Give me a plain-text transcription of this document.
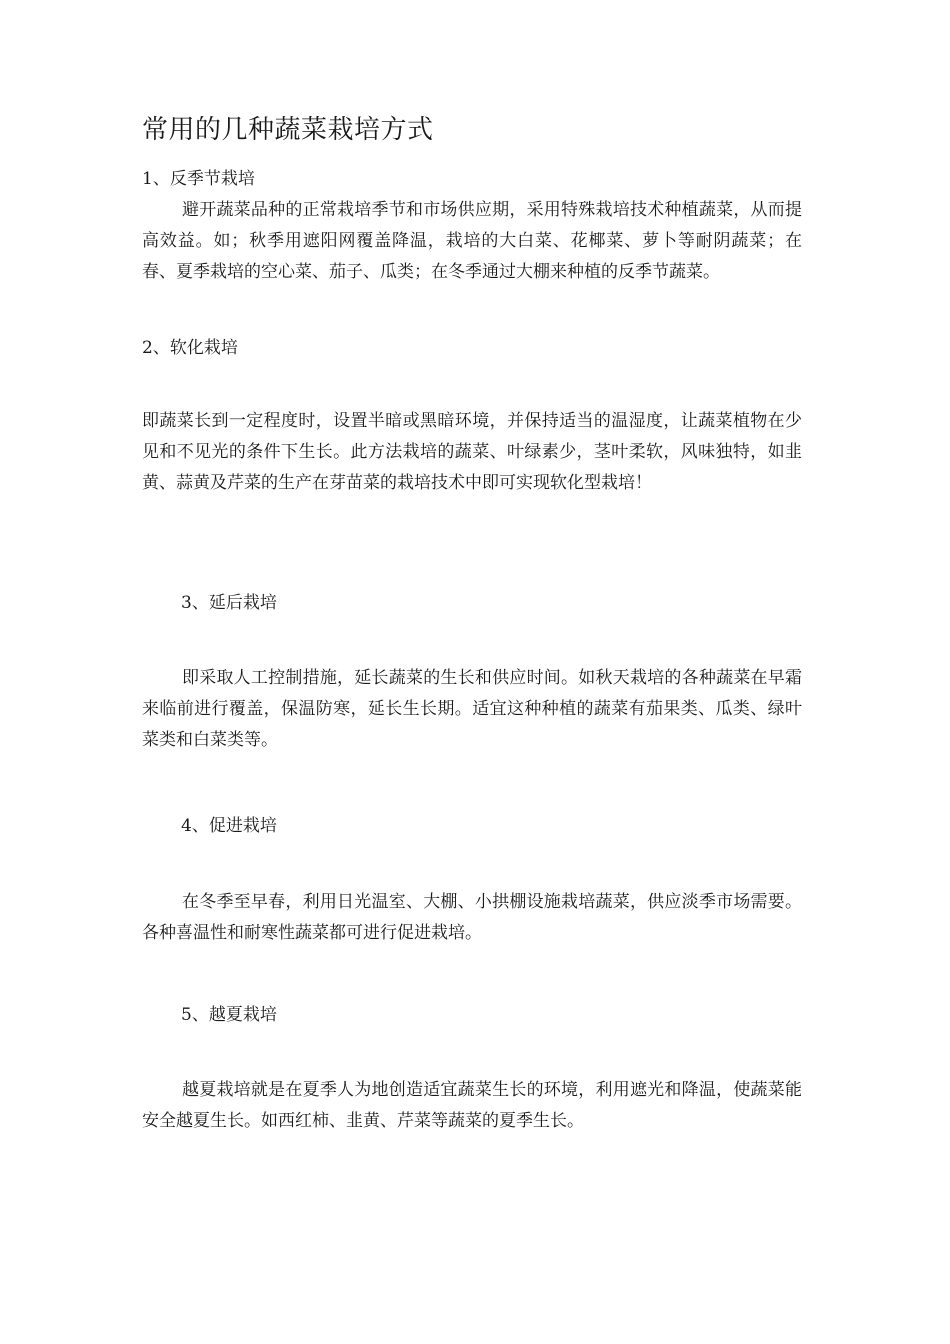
常用的几种蔬菜栽培方式
1、反季节栽培

避开蔬菜品种的正常栽培季节和市场供应期，采用特殊栽培技术种植蔬菜，从而提高效益。如；秋季用遮阳网覆盖降温，栽培的大白菜、花椰菜、萝卜等耐阴蔬菜；在春、夏季栽培的空心菜、茄子、瓜类；在冬季通过大棚来种植的反季节蔬菜。

2、软化栽培

即蔬菜长到一定程度时，设置半暗或黑暗环境，并保持适当的温湿度，让蔬菜植物在少见和不见光的条件下生长。此方法栽培的蔬菜、叶绿素少，茎叶柔软，风味独特，如韭黄、蒜黄及芹菜的生产在芽苗菜的栽培技术中即可实现软化型栽培！

3、延后栽培

即采取人工控制措施，延长蔬菜的生长和供应时间。如秋天栽培的各种蔬菜在早霜来临前进行覆盖，保温防寒，延长生长期。适宜这种种植的蔬菜有茄果类、瓜类、绿叶菜类和白菜类等。

4、促进栽培

在冬季至早春，利用日光温室、大棚、小拱棚设施栽培蔬菜，供应淡季市场需要。各种喜温性和耐寒性蔬菜都可进行促进栽培。

5、越夏栽培

越夏栽培就是在夏季人为地创造适宜蔬菜生长的环境，利用遮光和降温，使蔬菜能安全越夏生长。如西红柿、韭黄、芹菜等蔬菜的夏季生长。
